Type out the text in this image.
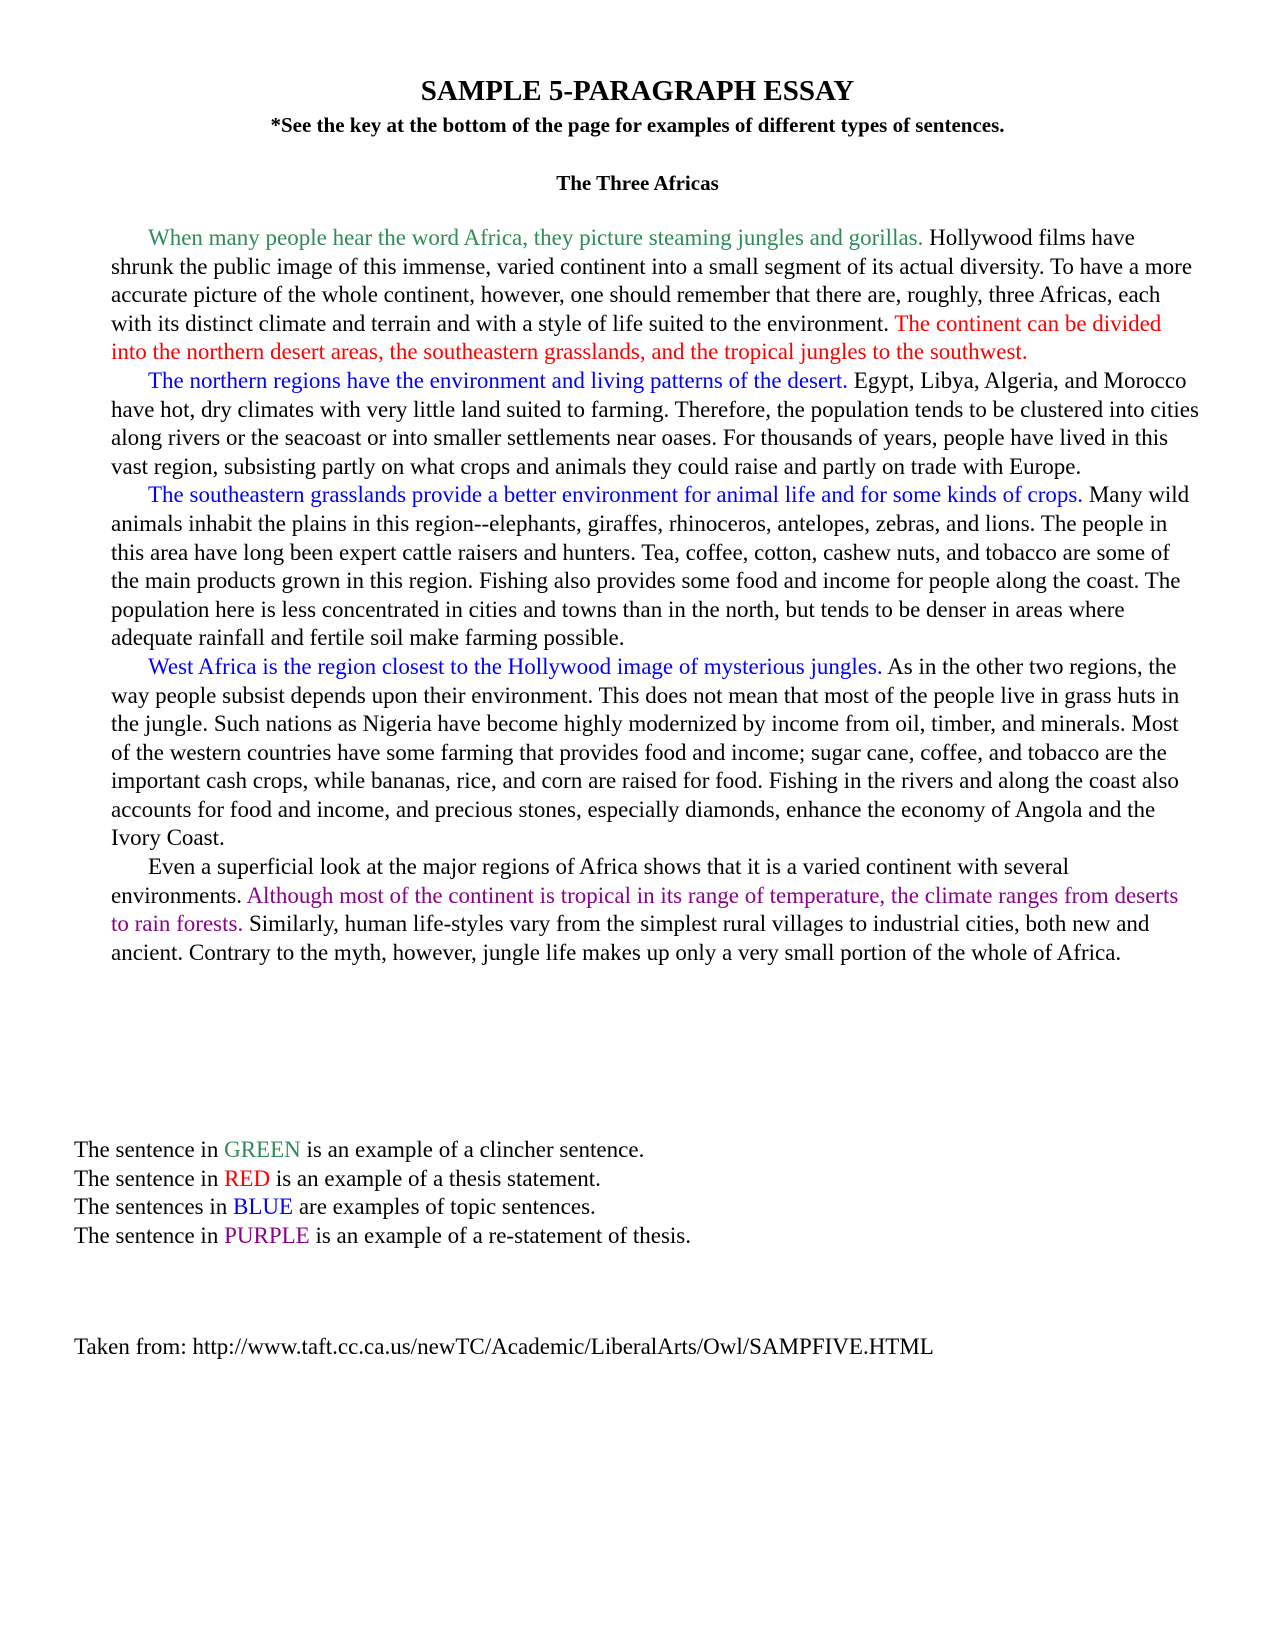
SAMPLE 5-PARAGRAPH ESSAY
*See the key at the bottom of the page for examples of different types of sentences.
The Three Africas

When many people hear the word Africa, they picture steaming jungles and gorillas. Hollywood films have shrunk the public image of this immense, varied continent into a small segment of its actual diversity. To have a more accurate picture of the whole continent, however, one should remember that there are, roughly, three Africas, each with its distinct climate and terrain and with a style of life suited to the environment. The continent can be divided into the northern desert areas, the southeastern grasslands, and the tropical jungles to the southwest.

The northern regions have the environment and living patterns of the desert. Egypt, Libya, Algeria, and Morocco have hot, dry climates with very little land suited to farming. Therefore, the population tends to be clustered into cities along rivers or the seacoast or into smaller settlements near oases. For thousands of years, people have lived in this vast region, subsisting partly on what crops and animals they could raise and partly on trade with Europe.

The southeastern grasslands provide a better environment for animal life and for some kinds of crops. Many wild animals inhabit the plains in this region--elephants, giraffes, rhinoceros, antelopes, zebras, and lions. The people in this area have long been expert cattle raisers and hunters. Tea, coffee, cotton, cashew nuts, and tobacco are some of the main products grown in this region. Fishing also provides some food and income for people along the coast. The population here is less concentrated in cities and towns than in the north, but tends to be denser in areas where adequate rainfall and fertile soil make farming possible.

West Africa is the region closest to the Hollywood image of mysterious jungles. As in the other two regions, the way people subsist depends upon their environment. This does not mean that most of the people live in grass huts in the jungle. Such nations as Nigeria have become highly modernized by income from oil, timber, and minerals. Most of the western countries have some farming that provides food and income; sugar cane, coffee, and tobacco are the important cash crops, while bananas, rice, and corn are raised for food. Fishing in the rivers and along the coast also accounts for food and income, and precious stones, especially diamonds, enhance the economy of Angola and the Ivory Coast.

Even a superficial look at the major regions of Africa shows that it is a varied continent with several environments. Although most of the continent is tropical in its range of temperature, the climate ranges from deserts to rain forests. Similarly, human life-styles vary from the simplest rural villages to industrial cities, both new and ancient. Contrary to the myth, however, jungle life makes up only a very small portion of the whole of Africa.

The sentence in GREEN is an example of a clincher sentence.
The sentence in RED is an example of a thesis statement.
The sentences in BLUE are examples of topic sentences.
The sentence in PURPLE is an example of a re-statement of thesis.
Taken from: http://www.taft.cc.ca.us/newTC/Academic/LiberalArts/Owl/SAMPFIVE.HTML
